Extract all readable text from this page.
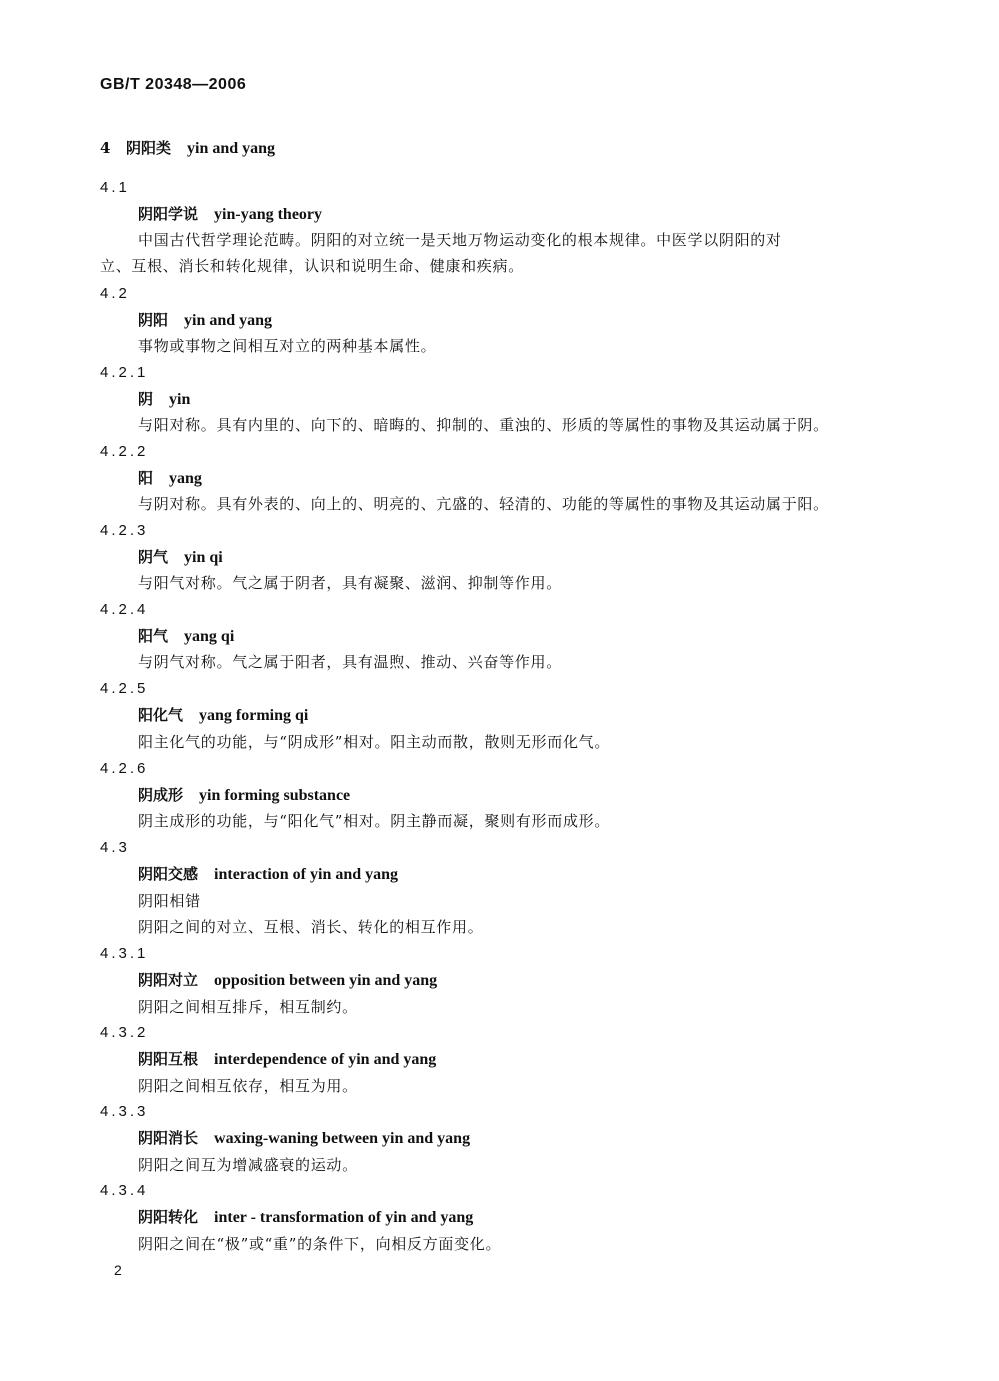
GB/T 20348—2006
4 阴阳类 yin and yang
4.1
阴阳学说 yin-yang theory
中国古代哲学理论范畴。阴阳的对立统一是天地万物运动变化的根本规律。中医学以阴阳的对
立、互根、消长和转化规律，认识和说明生命、健康和疾病。
4.2
阴阳 yin and yang
事物或事物之间相互对立的两种基本属性。
4.2.1
阴 yin
与阳对称。具有内里的、向下的、暗晦的、抑制的、重浊的、形质的等属性的事物及其运动属于阴。
4.2.2
阳 yang
与阴对称。具有外表的、向上的、明亮的、亢盛的、轻清的、功能的等属性的事物及其运动属于阳。
4.2.3
阴气 yin qi
与阳气对称。气之属于阴者，具有凝聚、滋润、抑制等作用。
4.2.4
阳气 yang qi
与阴气对称。气之属于阳者，具有温煦、推动、兴奋等作用。
4.2.5
阳化气 yang forming qi
阳主化气的功能，与“阴成形”相对。阳主动而散，散则无形而化气。
4.2.6
阴成形 yin forming substance
阴主成形的功能，与“阳化气”相对。阴主静而凝，聚则有形而成形。
4.3
阴阳交感 interaction of yin and yang
阴阳相错
阴阳之间的对立、互根、消长、转化的相互作用。
4.3.1
阴阳对立 opposition between yin and yang
阴阳之间相互排斥，相互制约。
4.3.2
阴阳互根 interdependence of yin and yang
阴阳之间相互依存，相互为用。
4.3.3
阴阳消长 waxing-waning between yin and yang
阴阳之间互为增减盛衰的运动。
4.3.4
阴阳转化 inter - transformation of yin and yang
阴阳之间在“极”或“重”的条件下，向相反方面变化。
2
